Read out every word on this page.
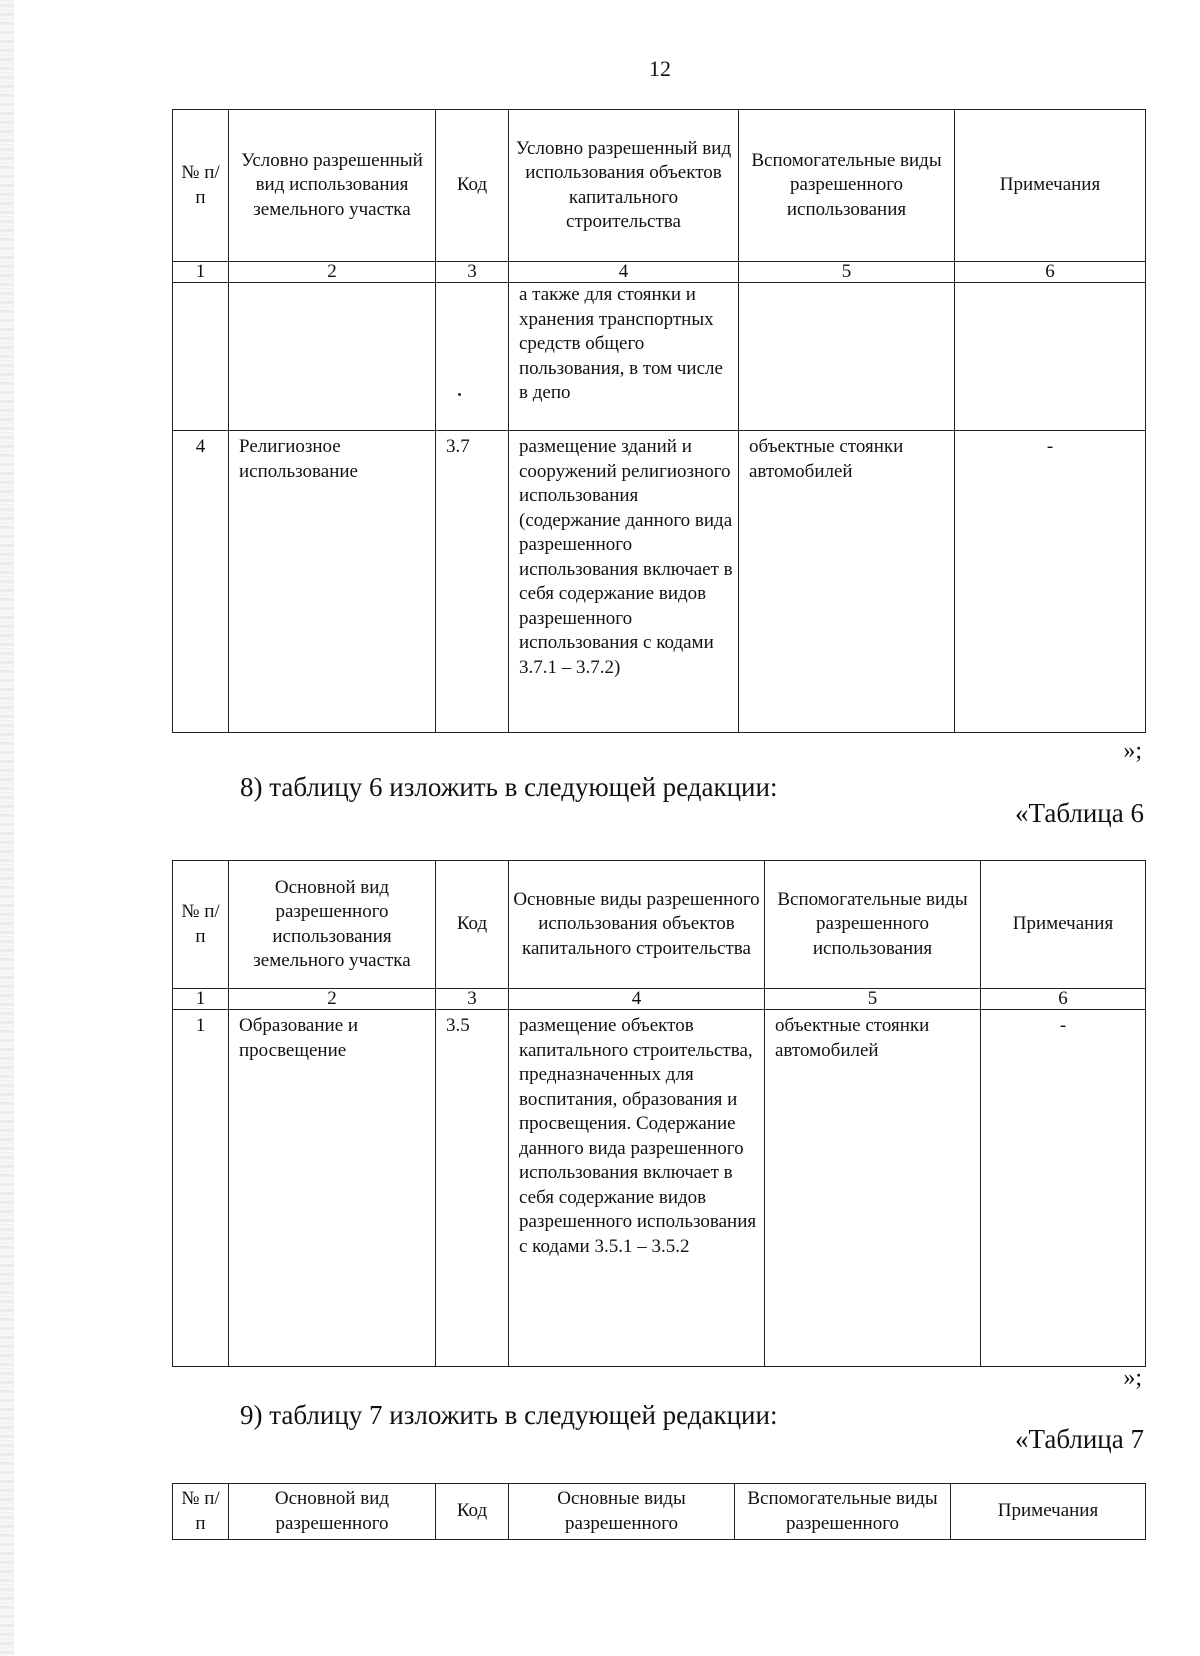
12
№ п/п	Условно разрешенный вид использования земельного участка	Код	Условно разрешенный вид использования объектов капитального строительства	Вспомогательные виды разрешенного использования	Примечания
1	2	3	4	5	6
			а также для стоянки и хранения транспортных средств общего пользования, в том числе в депо		
4	Религиозное использование	3.7	размещение зданий и сооружений религиозного использования (содержание данного вида разрешенного использования включает в себя содержание видов разрешенного использования с кодами 3.7.1 – 3.7.2)	объектные стоянки автомобилей	-
»;
8) таблицу 6 изложить в следующей редакции:
«Таблица 6
№ п/п	Основной вид разрешенного использования земельного участка	Код	Основные виды разрешенного использования объектов капитального строительства	Вспомогательные виды разрешенного использования	Примечания
1	2	3	4	5	6
1	Образование и просвещение	3.5	размещение объектов капитального строительства, предназначенных для воспитания, образования и просвещения. Содержание данного вида разрешенного использования включает в себя содержание видов разрешенного использования с кодами 3.5.1 – 3.5.2	объектные стоянки автомобилей	-
»;
9) таблицу 7 изложить в следующей редакции:
«Таблица 7
№ п/п	Основной вид разрешенного	Код	Основные виды разрешенного	Вспомогательные виды разрешенного	Примечания
